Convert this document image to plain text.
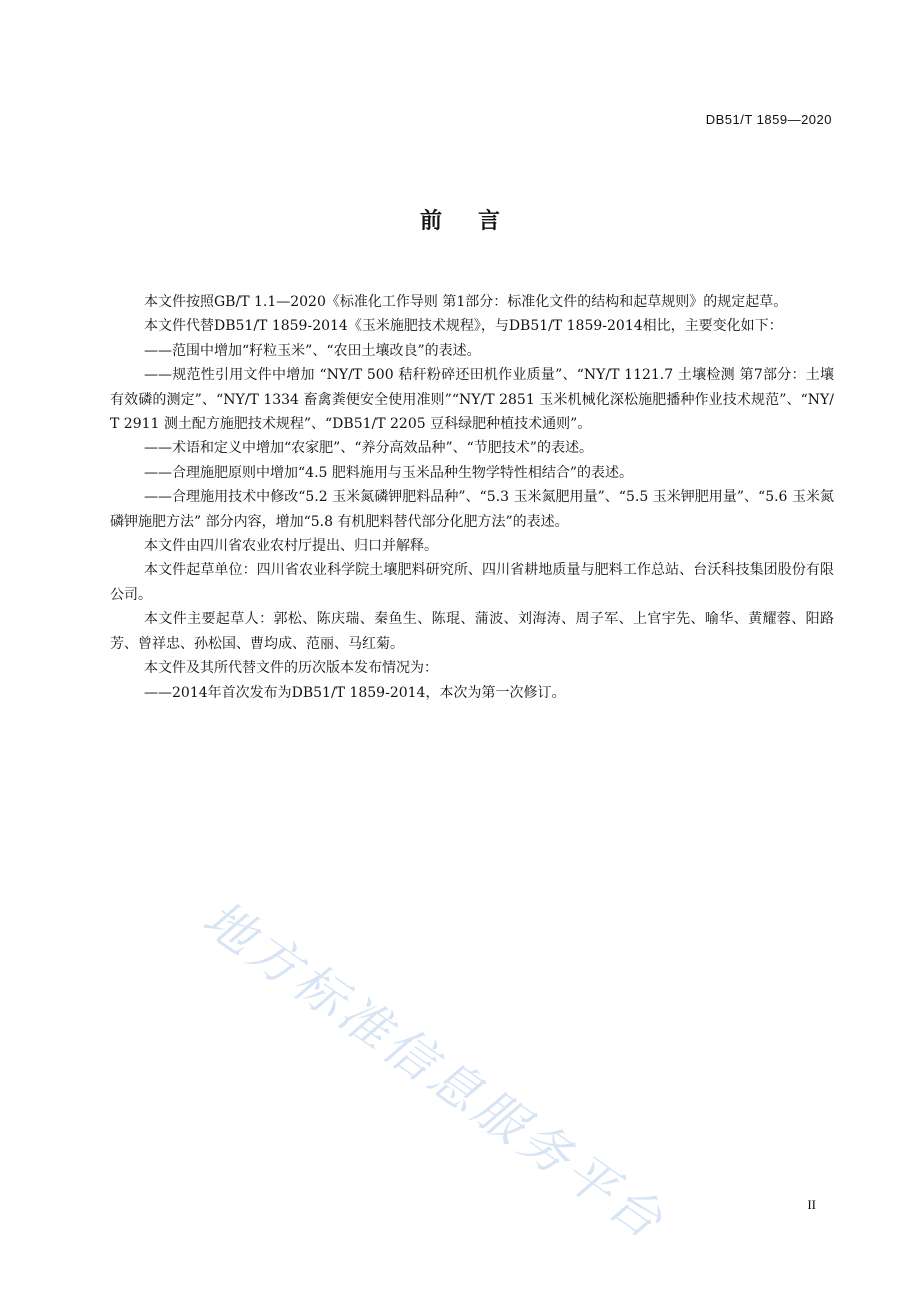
DB51/T 1859—2020
前言

本文件按照GB/T 1.1—2020《标准化工作导则 第1部分：标准化文件的结构和起草规则》的规定起草。

本文件代替DB51/T 1859-2014《玉米施肥技术规程》，与DB51/T 1859-2014相比，主要变化如下：

——范围中增加“籽粒玉米”、“农田土壤改良”的表述。

——规范性引用文件中增加 “NY/T 500 秸秆粉碎还田机作业质量”、“NY/T 1121.7 土壤检测 第7部分：土壤有效磷的测定”、“NY/T 1334 畜禽粪便安全使用准则”“NY/T 2851 玉米机械化深松施肥播种作业技术规范”、“NY/T 2911 测土配方施肥技术规程”、“DB51/T 2205 豆科绿肥种植技术通则”。

——术语和定义中增加“农家肥”、“养分高效品种”、“节肥技术”的表述。

——合理施肥原则中增加“4.5 肥料施用与玉米品种生物学特性相结合”的表述。

——合理施用技术中修改“5.2 玉米氮磷钾肥料品种”、“5.3 玉米氮肥用量”、“5.5 玉米钾肥用量”、“5.6 玉米氮磷钾施肥方法” 部分内容，增加“5.8 有机肥料替代部分化肥方法”的表述。

本文件由四川省农业农村厅提出、归口并解释。

本文件起草单位：四川省农业科学院土壤肥料研究所、四川省耕地质量与肥料工作总站、台沃科技集团股份有限公司。

本文件主要起草人：郭松、陈庆瑞、秦鱼生、陈琨、蒲波、刘海涛、周子军、上官宇先、喻华、黄耀蓉、阳路芳、曾祥忠、孙松国、曹均成、范丽、马红菊。

本文件及其所代替文件的历次版本发布情况为：

——2014年首次发布为DB51/T 1859-2014，本次为第一次修订。

地方标准信息服务平台	II
